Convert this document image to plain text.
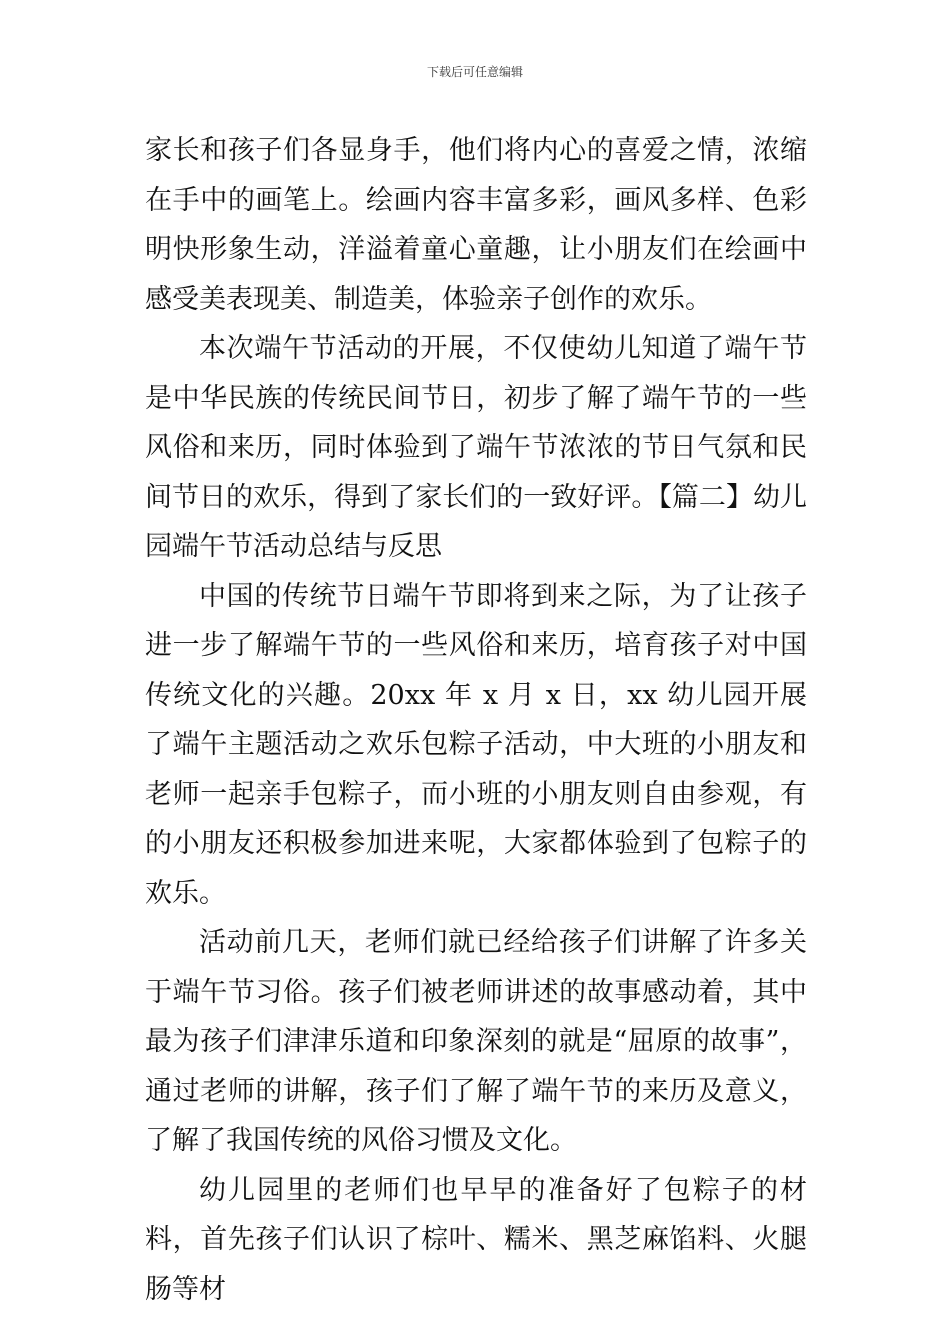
下载后可任意编辑

家长和孩子们各显身手，他们将内心的喜爱之情，浓缩在手中的画笔上。绘画内容丰富多彩，画风多样、色彩明快形象生动，洋溢着童心童趣，让小朋友们在绘画中感受美表现美、制造美，体验亲子创作的欢乐。

本次端午节活动的开展，不仅使幼儿知道了端午节是中华民族的传统民间节日，初步了解了端午节的一些风俗和来历，同时体验到了端午节浓浓的节日气氛和民间节日的欢乐，得到了家长们的一致好评。【篇二】幼儿园端午节活动总结与反思

中国的传统节日端午节即将到来之际，为了让孩子进一步了解端午节的一些风俗和来历，培育孩子对中国传统文化的兴趣。20xx 年 x 月 x 日，xx 幼儿园开展了端午主题活动之欢乐包粽子活动，中大班的小朋友和老师一起亲手包粽子，而小班的小朋友则自由参观，有的小朋友还积极参加进来呢，大家都体验到了包粽子的欢乐。

活动前几天，老师们就已经给孩子们讲解了许多关于端午节习俗。孩子们被老师讲述的故事感动着，其中最为孩子们津津乐道和印象深刻的就是“屈原的故事”，通过老师的讲解，孩子们了解了端午节的来历及意义，了解了我国传统的风俗习惯及文化。

幼儿园里的老师们也早早的准备好了包粽子的材料，首先孩子们认识了棕叶、糯米、黑芝麻馅料、火腿肠等材
